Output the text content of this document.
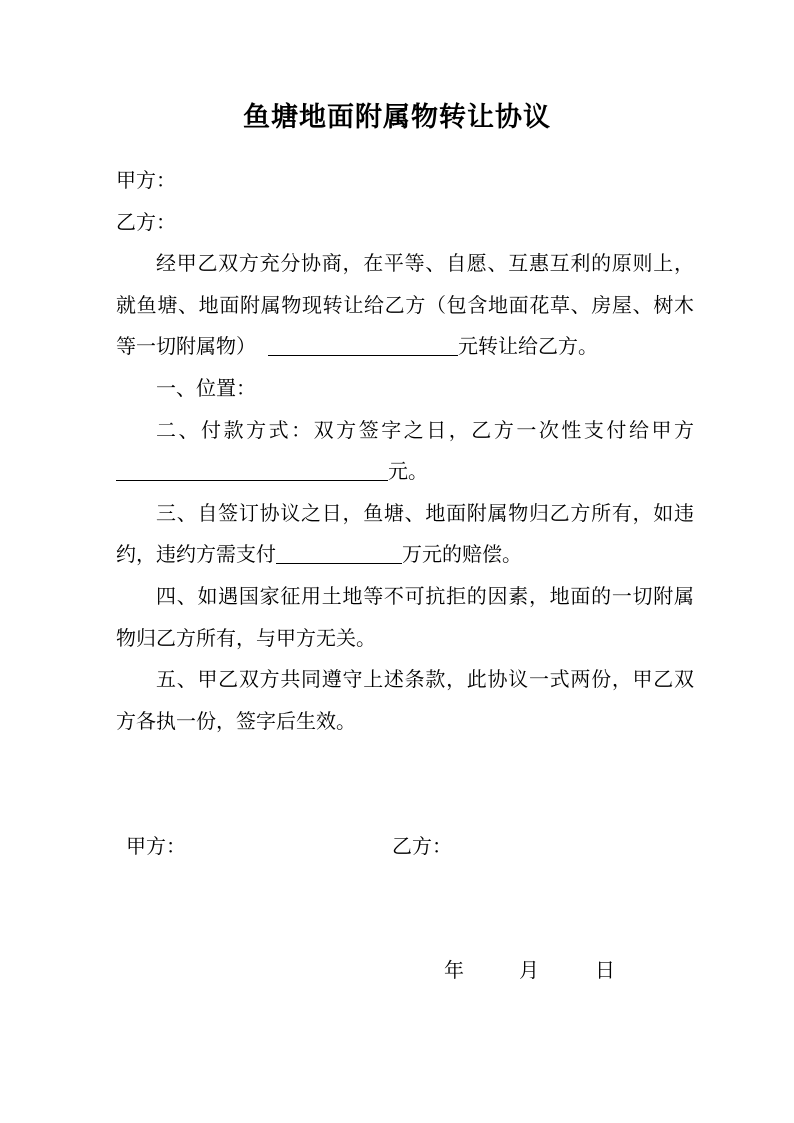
鱼塘地面附属物转让协议

甲方：

乙方：

经甲乙双方充分协商，在平等、自愿、互惠互利的原则上，就鱼塘、地面附属物现转让给乙方（包含地面花草、房屋、树木等一切附属物）	元转让给乙方。

一、位置：

二、付款方式：双方签字之日，乙方一次性支付给甲方元。

三、自签订协议之日，鱼塘、地面附属物归乙方所有，如违约，违约方需支付	万元的赔偿。

四、如遇国家征用土地等不可抗拒的因素，地面的一切附属物归乙方所有，与甲方无关。

五、甲乙双方共同遵守上述条款，此协议一式两份，甲乙双方各执一份，签字后生效。

甲方：	乙方：
年	月	日
